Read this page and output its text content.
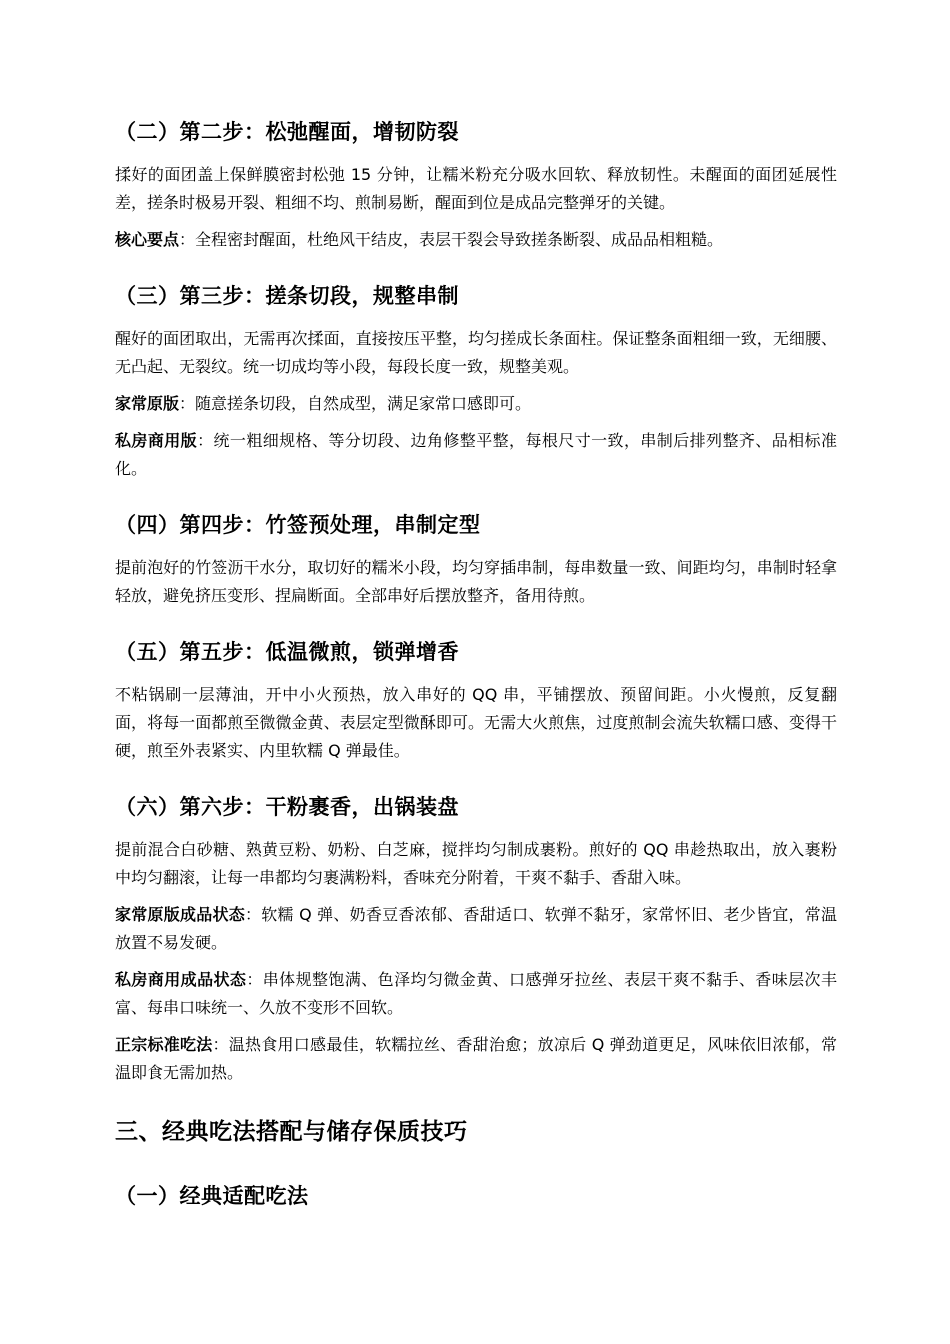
（二）第二步：松弛醒面，增韧防裂
揉好的面团盖上保鲜膜密封松弛 15 分钟，让糯米粉充分吸水回软、释放韧性。未醒面的面团延展性差，搓条时极易开裂、粗细不均、煎制易断，醒面到位是成品完整弹牙的关键。
核心要点：全程密封醒面，杜绝风干结皮，表层干裂会导致搓条断裂、成品品相粗糙。
（三）第三步：搓条切段，规整串制
醒好的面团取出，无需再次揉面，直接按压平整，均匀搓成长条面柱。保证整条面粗细一致，无细腰、无凸起、无裂纹。统一切成均等小段，每段长度一致，规整美观。
家常原版：随意搓条切段，自然成型，满足家常口感即可。
私房商用版：统一粗细规格、等分切段、边角修整平整，每根尺寸一致，串制后排列整齐、品相标准化。
（四）第四步：竹签预处理，串制定型
提前泡好的竹签沥干水分，取切好的糯米小段，均匀穿插串制，每串数量一致、间距均匀，串制时轻拿轻放，避免挤压变形、捏扁断面。全部串好后摆放整齐，备用待煎。
（五）第五步：低温微煎，锁弹增香
不粘锅刷一层薄油，开中小火预热，放入串好的 QQ 串，平铺摆放、预留间距。小火慢煎，反复翻面，将每一面都煎至微微金黄、表层定型微酥即可。无需大火煎焦，过度煎制会流失软糯口感、变得干硬，煎至外表紧实、内里软糯 Q 弹最佳。
（六）第六步：干粉裹香，出锅装盘
提前混合白砂糖、熟黄豆粉、奶粉、白芝麻，搅拌均匀制成裹粉。煎好的 QQ 串趁热取出，放入裹粉中均匀翻滚，让每一串都均匀裹满粉料，香味充分附着，干爽不黏手、香甜入味。
家常原版成品状态：软糯 Q 弹、奶香豆香浓郁、香甜适口、软弹不黏牙，家常怀旧、老少皆宜，常温放置不易发硬。
私房商用成品状态：串体规整饱满、色泽均匀微金黄、口感弹牙拉丝、表层干爽不黏手、香味层次丰富、每串口味统一、久放不变形不回软。
正宗标准吃法：温热食用口感最佳，软糯拉丝、香甜治愈；放凉后 Q 弹劲道更足，风味依旧浓郁，常温即食无需加热。
三、经典吃法搭配与储存保质技巧
（一）经典适配吃法
